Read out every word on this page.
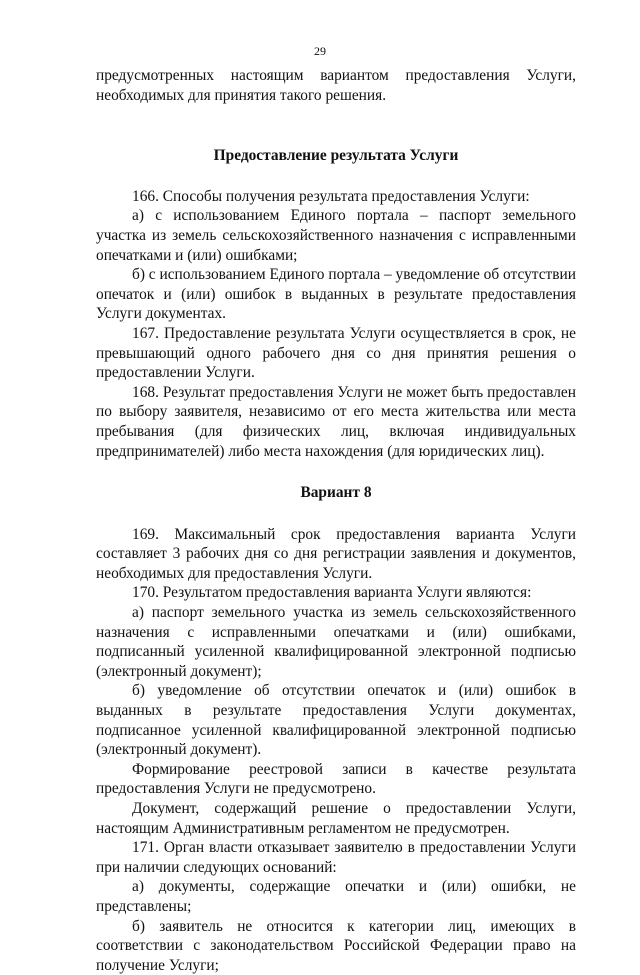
29

предусмотренных настоящим вариантом предоставления Услуги, необходимых для принятия такого решения.

Предоставление результата Услуги

166. Способы получения результата предоставления Услуги:

а) с использованием Единого портала – паспорт земельного участка из земель сельскохозяйственного назначения с исправленными опечатками и (или) ошибками;

б) с использованием Единого портала – уведомление об отсутствии опечаток и (или) ошибок в выданных в результате предоставления Услуги документах.

167. Предоставление результата Услуги осуществляется в срок, не превышающий одного рабочего дня со дня принятия решения о предоставлении Услуги.

168. Результат предоставления Услуги не может быть предоставлен по выбору заявителя, независимо от его места жительства или места пребывания (для физических лиц, включая индивидуальных предпринимателей) либо места нахождения (для юридических лиц).

Вариант 8

169. Максимальный срок предоставления варианта Услуги составляет 3 рабочих дня со дня регистрации заявления и документов, необходимых для предоставления Услуги.

170. Результатом предоставления варианта Услуги являются:

а) паспорт земельного участка из земель сельскохозяйственного назначения с исправленными опечатками и (или) ошибками, подписанный усиленной квалифицированной электронной подписью (электронный документ);

б) уведомление об отсутствии опечаток и (или) ошибок в выданных в результате предоставления Услуги документах, подписанное усиленной квалифицированной электронной подписью (электронный документ).

Формирование реестровой записи в качестве результата предоставления Услуги не предусмотрено.

Документ, содержащий решение о предоставлении Услуги, настоящим Административным регламентом не предусмотрен.

171. Орган власти отказывает заявителю в предоставлении Услуги при наличии следующих оснований:

а) документы, содержащие опечатки и (или) ошибки, не представлены;

б) заявитель не относится к категории лиц, имеющих в соответствии с законодательством Российской Федерации право на получение Услуги;
